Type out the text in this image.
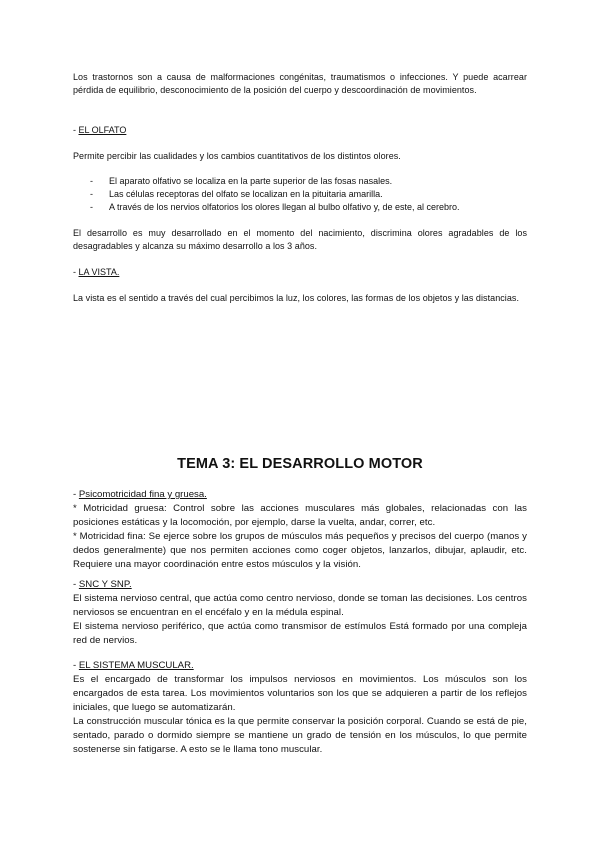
Los trastornos son a causa de malformaciones congénitas, traumatismos o infecciones. Y puede acarrear pérdida de equilibrio, desconocimiento de la posición del cuerpo y descoordinación de movimientos.

- EL OLFATO

Permite percibir las cualidades y los cambios cuantitativos de los distintos olores.

- El aparato olfativo se localiza en la parte superior de las fosas nasales.
- Las células receptoras del olfato se localizan en la pituitaria amarilla.
- A través de los nervios olfatorios los olores llegan al bulbo olfativo y, de este, al cerebro.

El desarrollo es muy desarrollado en el momento del nacimiento, discrimina olores agradables de los desagradables y alcanza su máximo desarrollo a los 3 años.

- LA VISTA.

La vista es el sentido a través del cual percibimos la luz, los colores, las formas de los objetos y las distancias.

TEMA 3: EL DESARROLLO MOTOR

- Psicomotricidad fina y gruesa.

* Motricidad gruesa: Control sobre las acciones musculares más globales, relacionadas con las posiciones estáticas y la locomoción, por ejemplo, darse la vuelta, andar, correr, etc.

* Motricidad fina: Se ejerce sobre los grupos de músculos más pequeños y precisos del cuerpo (manos y dedos generalmente) que nos permiten acciones como coger objetos, lanzarlos, dibujar, aplaudir, etc. Requiere una mayor coordinación entre estos músculos y la visión.

- SNC Y SNP.

El sistema nervioso central, que actúa como centro nervioso, donde se toman las decisiones. Los centros nerviosos se encuentran en el encéfalo y en la médula espinal.

El sistema nervioso periférico, que actúa como transmisor de estímulos Está formado por una compleja red de nervios.

- EL SISTEMA MUSCULAR.

Es el encargado de transformar los impulsos nerviosos en movimientos. Los músculos son los encargados de esta tarea. Los movimientos voluntarios son los que se adquieren a partir de los reflejos iniciales, que luego se automatizarán.

La construcción muscular tónica es la que permite conservar la posición corporal. Cuando se está de pie, sentado, parado o dormido siempre se mantiene un grado de tensión en los músculos, lo que permite sostenerse sin fatigarse. A esto se le llama tono muscular.
